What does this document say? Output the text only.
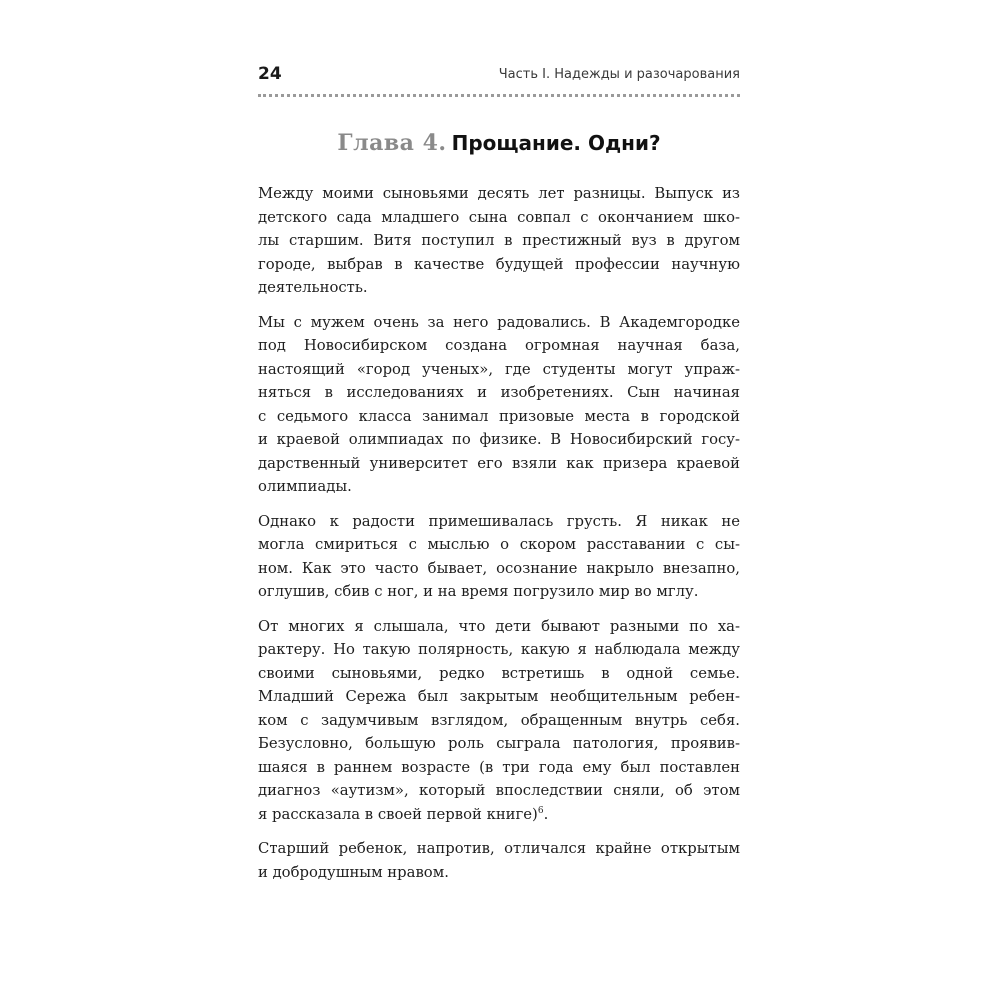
24	Часть I. Надежды и разочарования
Глава 4. Прощание. Одни?

Между моими сыновьями десять лет разницы. Выпуск из
детского сада младшего сына совпал с окончанием шко-
лы старшим. Витя поступил в престижный вуз в другом
городе, выбрав в качестве будущей профессии научную
деятельность.

Мы с мужем очень за него радовались. В Академгородке
под Новосибирском создана огромная научная база,
настоящий «город ученых», где студенты могут упраж-
няться в исследованиях и изобретениях. Сын начиная
с седьмого класса занимал призовые места в городской
и краевой олимпиадах по физике. В Новосибирский госу-
дарственный университет его взяли как призера краевой
олимпиады.

Однако к радости примешивалась грусть. Я никак не
могла смириться с мыслью о скором расставании с сы-
ном. Как это часто бывает, осознание накрыло внезапно,
оглушив, сбив с ног, и на время погрузило мир во мглу.

От многих я слышала, что дети бывают разными по ха-
рактеру. Но такую полярность, какую я наблюдала между
своими сыновьями, редко встретишь в одной семье.
Младший Сережа был закрытым необщительным ребен-
ком с задумчивым взглядом, обращенным внутрь себя.
Безусловно, большую роль сыграла патология, проявив-
шаяся в раннем возрасте (в три года ему был поставлен
диагноз «аутизм», который впоследствии сняли, об этом
я рассказала в своей первой книге)$^6$.

Старший ребенок, напротив, отличался крайне открытым
и добродушным нравом.
